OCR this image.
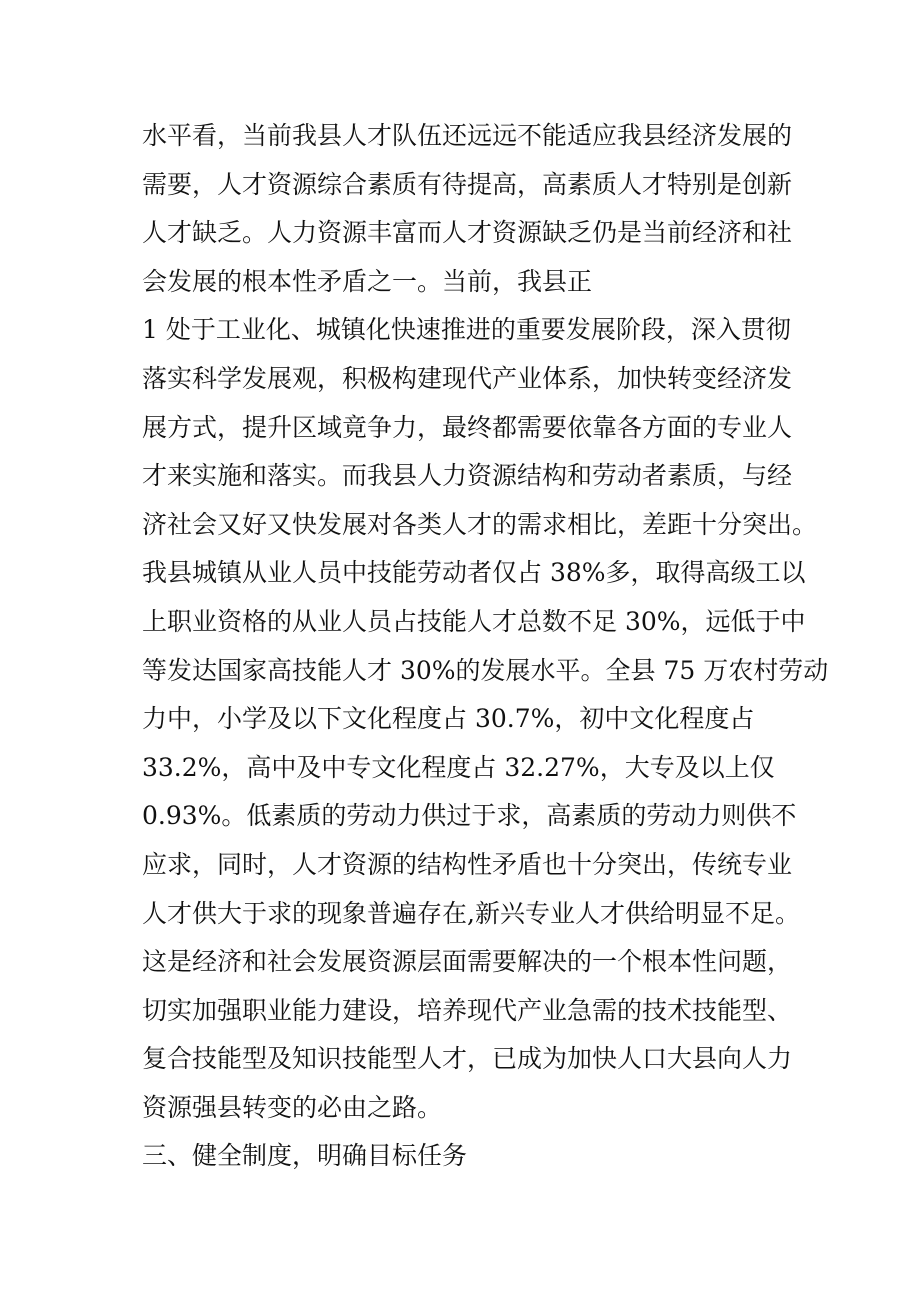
水平看，当前我县人才队伍还远远不能适应我县经济发展的
需要，人才资源综合素质有待提高，高素质人才特别是创新
人才缺乏。人力资源丰富而人才资源缺乏仍是当前经济和社
会发展的根本性矛盾之一。当前，我县正
1 处于工业化、城镇化快速推进的重要发展阶段，深入贯彻
落实科学发展观，积极构建现代产业体系，加快转变经济发
展方式，提升区域竟争力，最终都需要依靠各方面的专业人
才来实施和落实。而我县人力资源结构和劳动者素质，与经
济社会又好又快发展对各类人才的需求相比，差距十分突出。
我县城镇从业人员中技能劳动者仅占 38%多，取得高级工以
上职业资格的从业人员占技能人才总数不足 30%，远低于中
等发达国家高技能人才 30%的发展水平。全县 75 万农村劳动
力中，小学及以下文化程度占 30.7%，初中文化程度占
33.2%，高中及中专文化程度占 32.27%，大专及以上仅
0.93%。低素质的劳动力供过于求，高素质的劳动力则供不
应求，同时，人才资源的结构性矛盾也十分突出，传统专业
人才供大于求的现象普遍存在,新兴专业人才供给明显不足。
这是经济和社会发展资源层面需要解决的一个根本性问题，
切实加强职业能力建设，培养现代产业急需的技术技能型、
复合技能型及知识技能型人才，已成为加快人口大县向人力
资源强县转变的必由之路。
三、健全制度，明确目标任务
